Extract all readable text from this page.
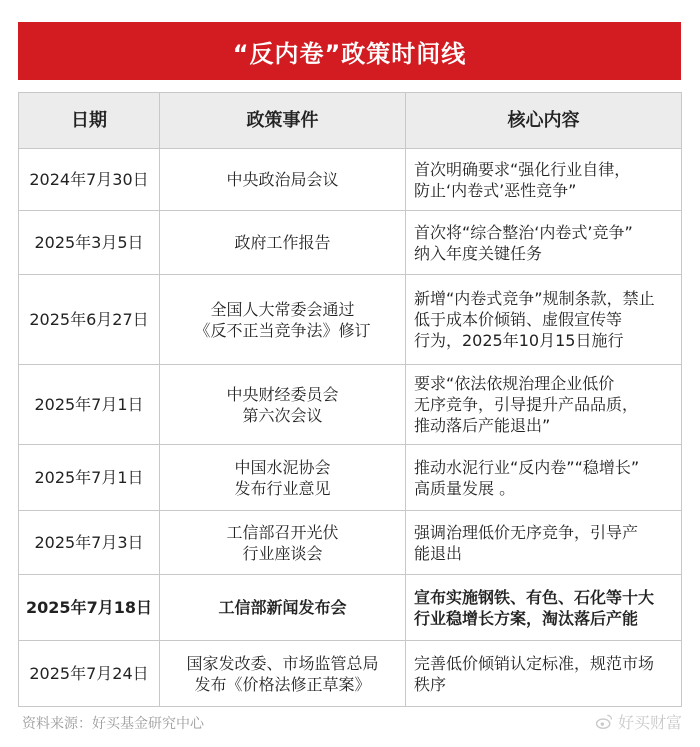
“反内卷”政策时间线
日期	政策事件	核心内容
2024年7月30日	中央政治局会议	首次明确要求“强化行业自律，
防止‘内卷式’恶性竞争”

2025年3月5日	政府工作报告	首次将“综合整治‘内卷式’竞争”
纳入年度关键任务

2025年6月27日	全国人大常委会通过
《反不正当竞争法》修订	新增“内卷式竞争”规制条款，禁止
低于成本价倾销、虚假宣传等
行为，2025年10月15日施行

2025年7月1日	中央财经委员会
第六次会议	要求“依法依规治理企业低价
无序竞争，引导提升产品品质，
推动落后产能退出”

2025年7月1日	中国水泥协会
发布行业意见	推动水泥行业“反内卷”“稳增长”
高质量发展 。

2025年7月3日	工信部召开光伏
行业座谈会	强调治理低价无序竞争，引导产
能退出

2025年7月18日	工信部新闻发布会	宣布实施钢铁、有色、石化等十大
行业稳增长方案，淘汰落后产能

2025年7月24日	国家发改委、市场监管总局
发布《价格法修正草案》	完善低价倾销认定标准，规范市场
秩序
资料来源：好买基金研究中心	好买财富
